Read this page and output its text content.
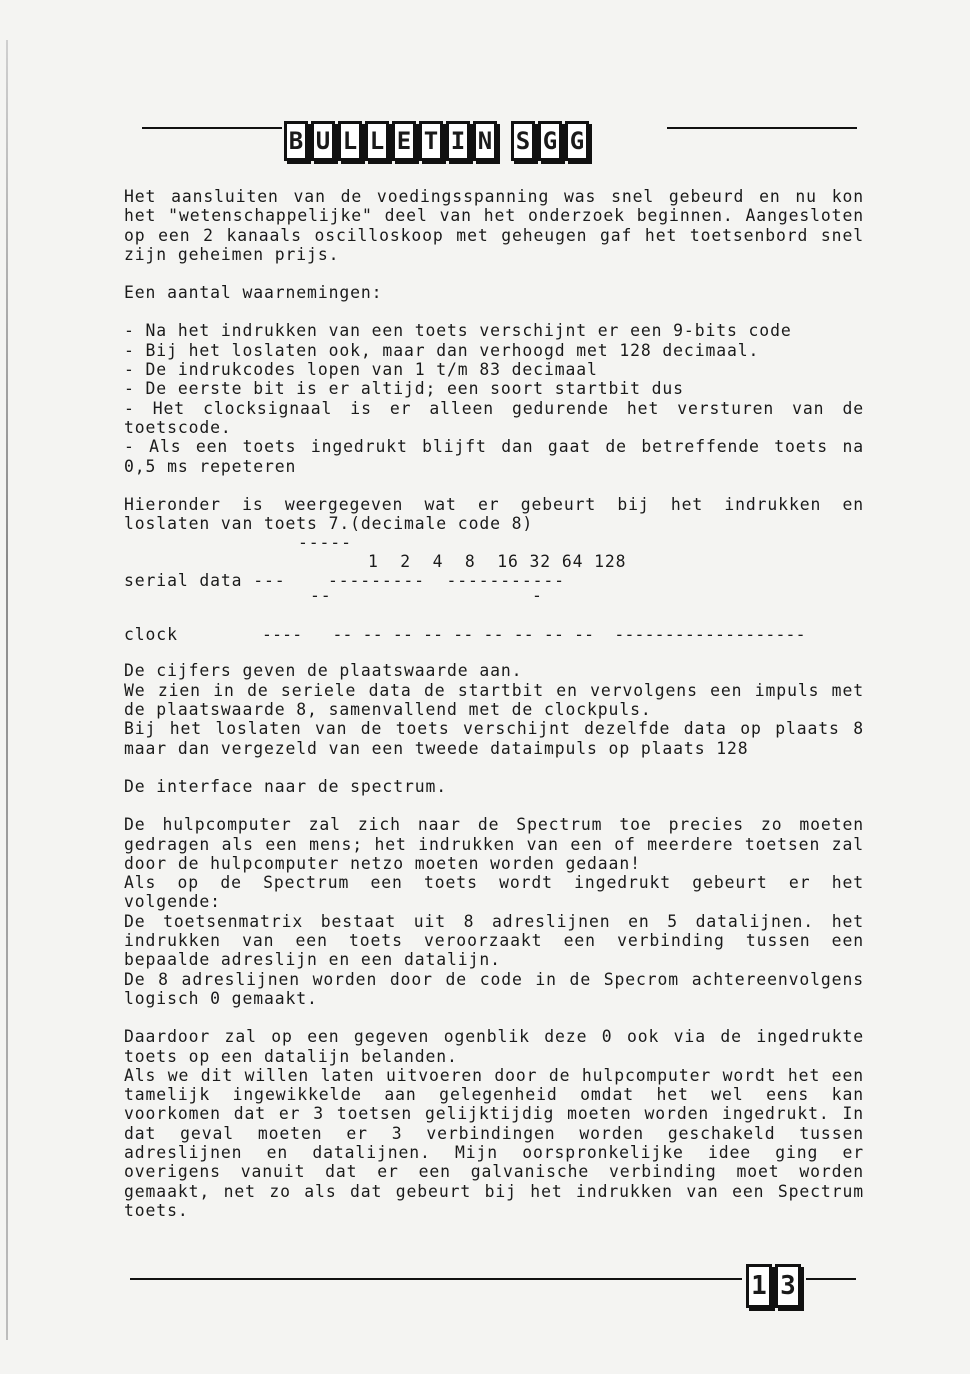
B U L L E T I N S G G

Het aansluiten van de voedingsspanning was snel gebeurd en nu kon het "wetenschappelijke" deel van het onderzoek beginnen. Aangesloten op een 2 kanaals oscilloskoop met geheugen gaf het toetsenbord snel zijn geheimen prijs.

Een aantal waarnemingen:

- Na het indrukken van een toets verschijnt er een 9-bits code

- Bij het loslaten ook, maar dan verhoogd met 128 decimaal.

- De indrukcodes lopen van 1 t/m 83 decimaal

- De eerste bit is er altijd; een soort startbit dus

- Het clocksignaal is er alleen gedurende het versturen van de toetscode.

- Als een toets ingedrukt blijft dan gaat de betreffende toets na 0,5 ms repeteren

Hieronder is weergegeven wat er gebeurt bij het indrukken en loslaten van toets 7.(decimale code 8)

-----
1  2  4  8  16 32 64 128
serial data ---	---------  -----------
--	-
clock	----   -- -- -- -- -- -- -- -- --  -------------------

De cijfers geven de plaatswaarde aan.

We zien in de seriele data de startbit en vervolgens een impuls met de plaatswaarde 8, samenvallend met de clockpuls.

Bij het loslaten van de toets verschijnt dezelfde data op plaats 8 maar dan vergezeld van een tweede dataimpuls op plaats 128

De interface naar de spectrum.

De hulpcomputer zal zich naar de Spectrum toe precies zo moeten gedragen als een mens; het indrukken van een of meerdere toetsen zal door de hulpcomputer netzo moeten worden gedaan!

Als op de Spectrum een toets wordt ingedrukt gebeurt er het volgende:

De toetsenmatrix bestaat uit 8 adreslijnen en 5 datalijnen. het indrukken van een toets veroorzaakt een verbinding tussen een bepaalde adreslijn en een datalijn.

De 8 adreslijnen worden door de code in de Specrom achtereenvolgens logisch 0 gemaakt.

Daardoor zal op een gegeven ogenblik deze 0 ook via de ingedrukte toets op een datalijn belanden.

Als we dit willen laten uitvoeren door de hulpcomputer wordt het een tamelijk ingewikkelde aan gelegenheid omdat het wel eens kan voorkomen dat er 3 toetsen gelijktijdig moeten worden ingedrukt. In dat geval moeten er 3 verbindingen worden geschakeld tussen adreslijnen en datalijnen. Mijn oorspronkelijke idee ging er overigens vanuit dat er een galvanische verbinding moet worden gemaakt, net zo als dat gebeurt bij het indrukken van een Spectrum toets.

1 3
